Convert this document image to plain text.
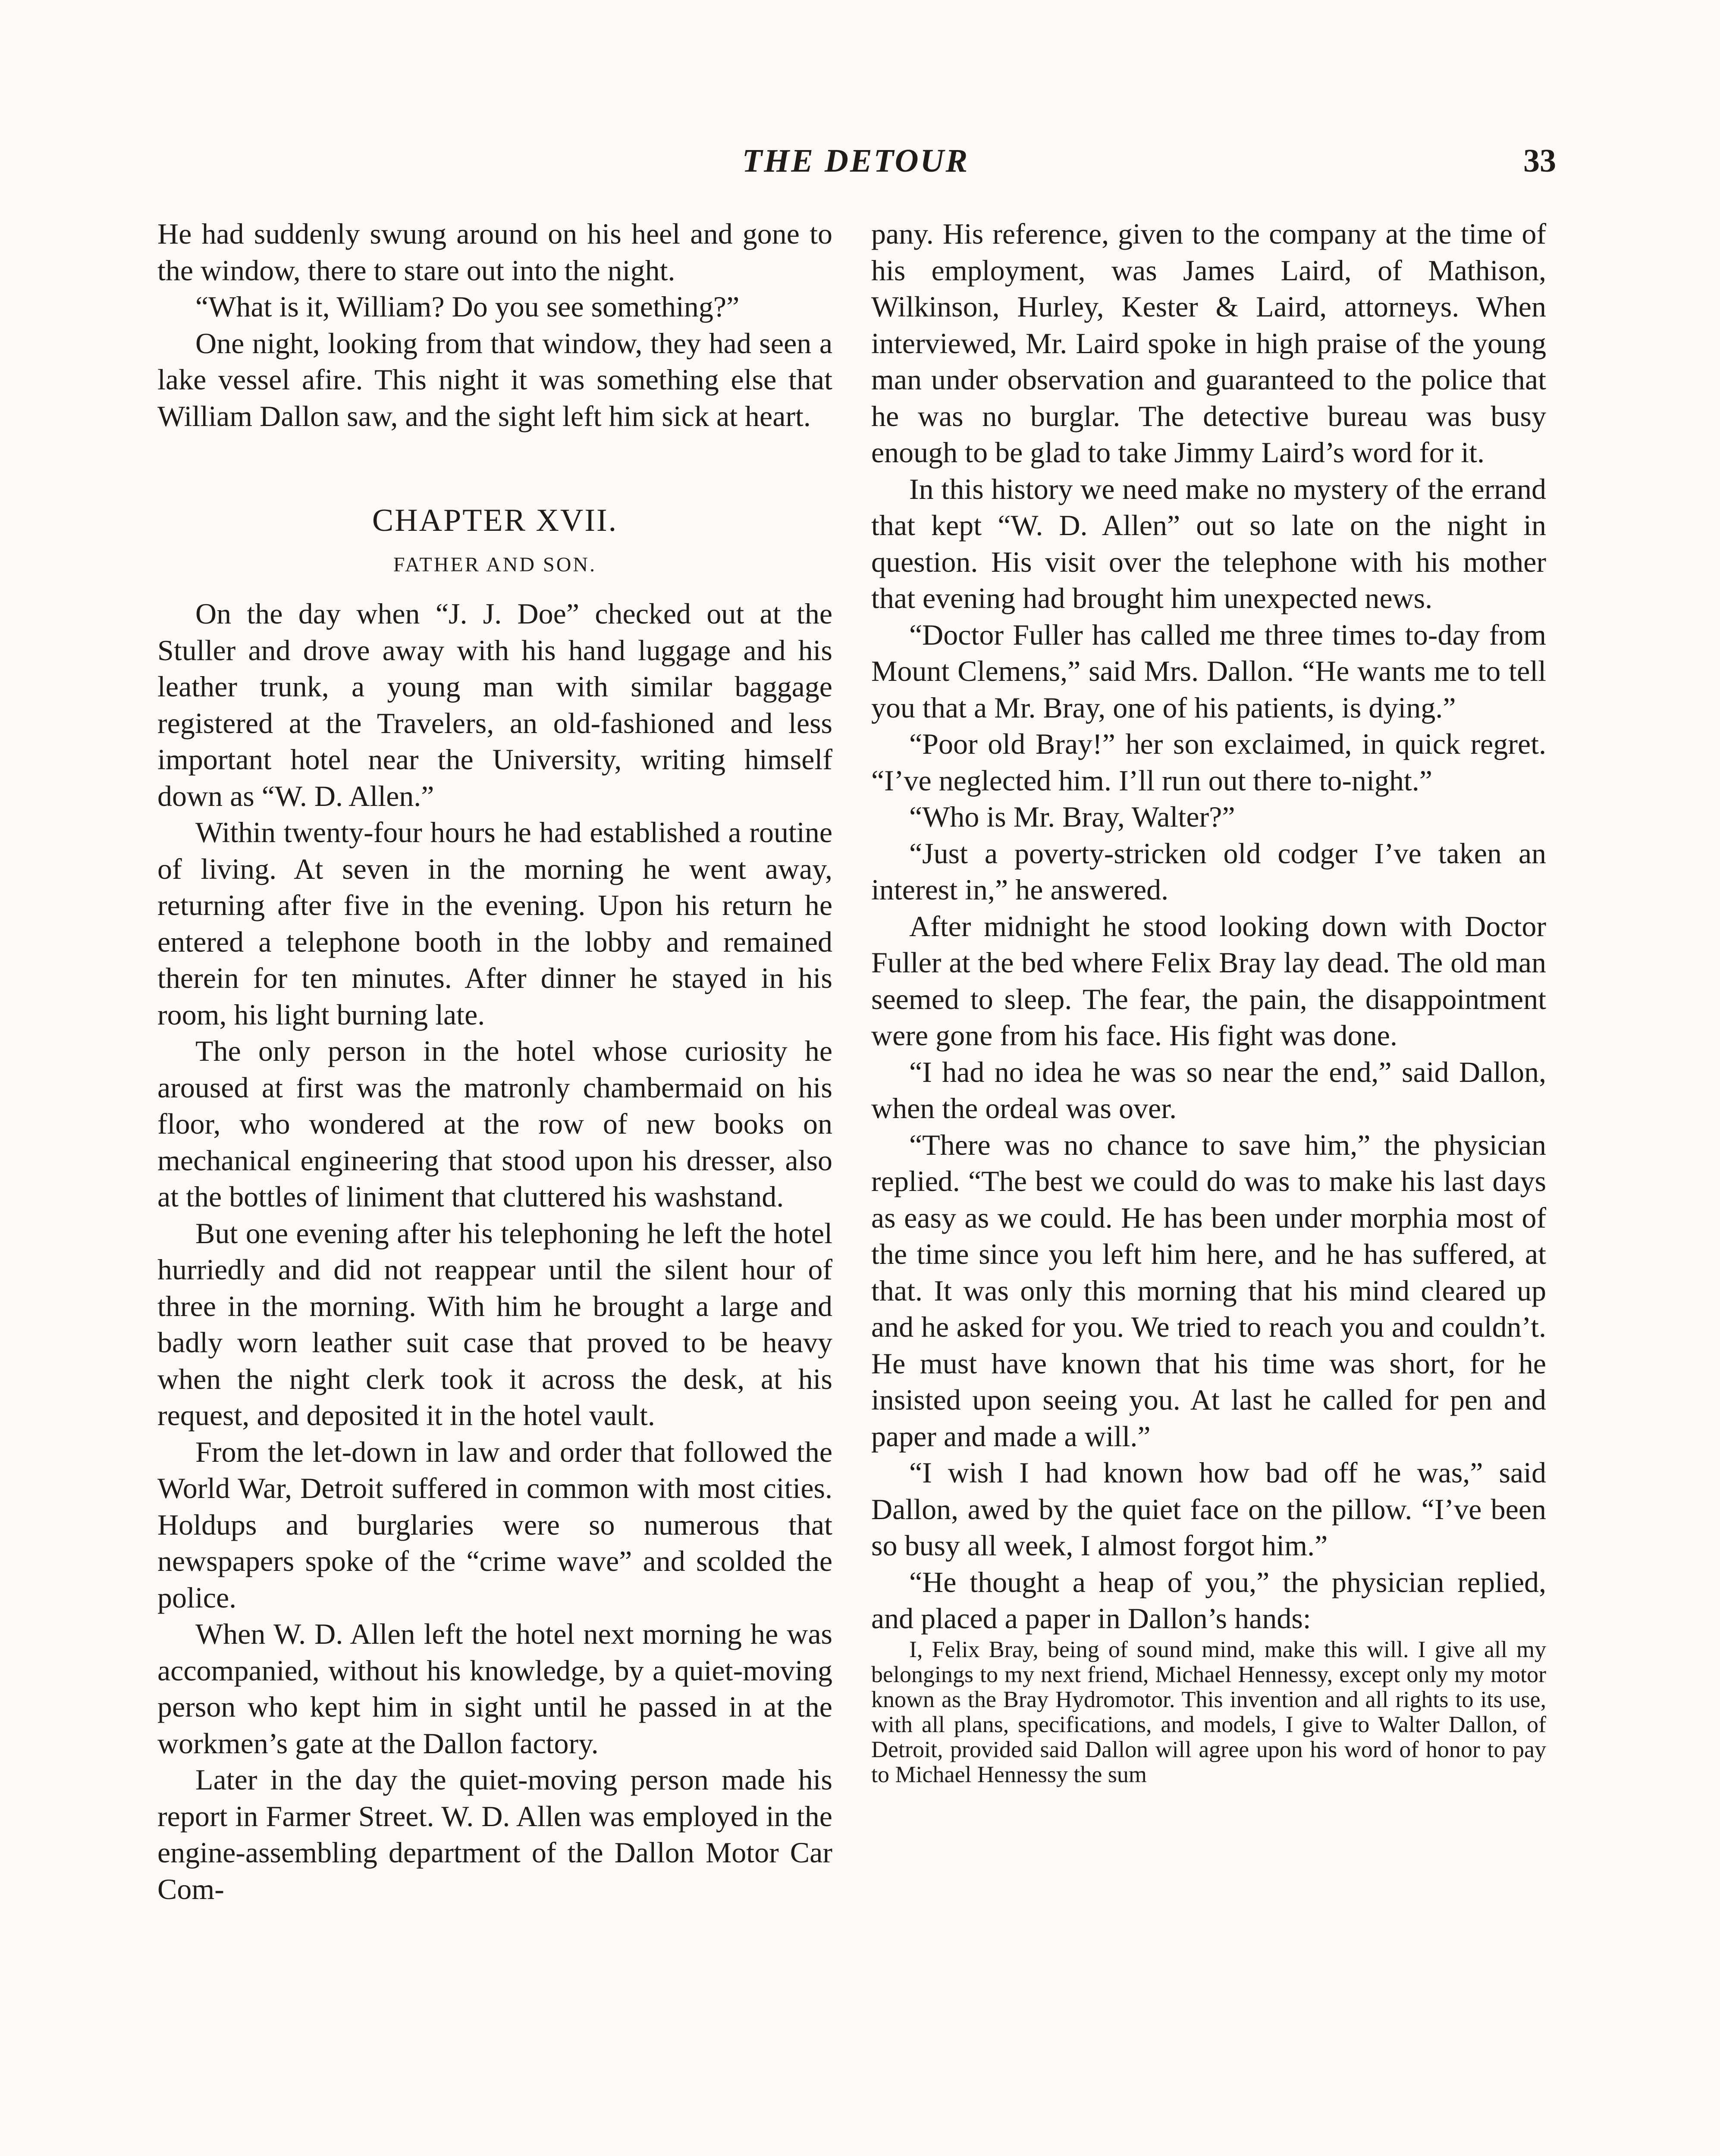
THE DETOUR	33

He had suddenly swung around on his heel and gone to the window, there to stare out into the night.

“What is it, William? Do you see something?”

One night, looking from that window, they had seen a lake vessel afire. This night it was something else that William Dallon saw, and the sight left him sick at heart.

CHAPTER XVII.
FATHER AND SON.

On the day when “J. J. Doe” checked out at the Stuller and drove away with his hand luggage and his leather trunk, a young man with similar baggage registered at the Travelers, an old-fashioned and less important hotel near the University, writing himself down as “W. D. Allen.”

Within twenty-four hours he had established a routine of living. At seven in the morning he went away, returning after five in the evening. Upon his return he entered a telephone booth in the lobby and remained therein for ten minutes. After dinner he stayed in his room, his light burning late.

The only person in the hotel whose curiosity he aroused at first was the matronly chambermaid on his floor, who wondered at the row of new books on mechanical engineering that stood upon his dresser, also at the bottles of liniment that cluttered his washstand.

But one evening after his telephoning he left the hotel hurriedly and did not reappear until the silent hour of three in the morning. With him he brought a large and badly worn leather suit case that proved to be heavy when the night clerk took it across the desk, at his request, and deposited it in the hotel vault.

From the let-down in law and order that followed the World War, Detroit suffered in common with most cities. Holdups and burglaries were so numerous that newspapers spoke of the “crime wave” and scolded the police.

When W. D. Allen left the hotel next morning he was accompanied, without his knowledge, by a quiet-moving person who kept him in sight until he passed in at the workmen’s gate at the Dallon factory.

Later in the day the quiet-moving person made his report in Farmer Street. W. D. Allen was employed in the engine-assembling department of the Dallon Motor Car Com-

pany. His reference, given to the company at the time of his employment, was James Laird, of Mathison, Wilkinson, Hurley, Kester & Laird, attorneys. When interviewed, Mr. Laird spoke in high praise of the young man under observation and guaranteed to the police that he was no burglar. The detective bureau was busy enough to be glad to take Jimmy Laird’s word for it.

In this history we need make no mystery of the errand that kept “W. D. Allen” out so late on the night in question. His visit over the telephone with his mother that evening had brought him unexpected news.

“Doctor Fuller has called me three times to-day from Mount Clemens,” said Mrs. Dallon. “He wants me to tell you that a Mr. Bray, one of his patients, is dying.”

“Poor old Bray!” her son exclaimed, in quick regret. “I’ve neglected him. I’ll run out there to-night.”

“Who is Mr. Bray, Walter?”

“Just a poverty-stricken old codger I’ve taken an interest in,” he answered.

After midnight he stood looking down with Doctor Fuller at the bed where Felix Bray lay dead. The old man seemed to sleep. The fear, the pain, the disappointment were gone from his face. His fight was done.

“I had no idea he was so near the end,” said Dallon, when the ordeal was over.

“There was no chance to save him,” the physician replied. “The best we could do was to make his last days as easy as we could. He has been under morphia most of the time since you left him here, and he has suffered, at that. It was only this morning that his mind cleared up and he asked for you. We tried to reach you and couldn’t. He must have known that his time was short, for he insisted upon seeing you. At last he called for pen and paper and made a will.”

“I wish I had known how bad off he was,” said Dallon, awed by the quiet face on the pillow. “I’ve been so busy all week, I almost forgot him.”

“He thought a heap of you,” the physician replied, and placed a paper in Dallon’s hands:

I, Felix Bray, being of sound mind, make this will. I give all my belongings to my next friend, Michael Hennessy, except only my motor known as the Bray Hydromotor. This invention and all rights to its use, with all plans, specifications, and models, I give to Walter Dallon, of Detroit, provided said Dallon will agree upon his word of honor to pay to Michael Hennessy the sum
